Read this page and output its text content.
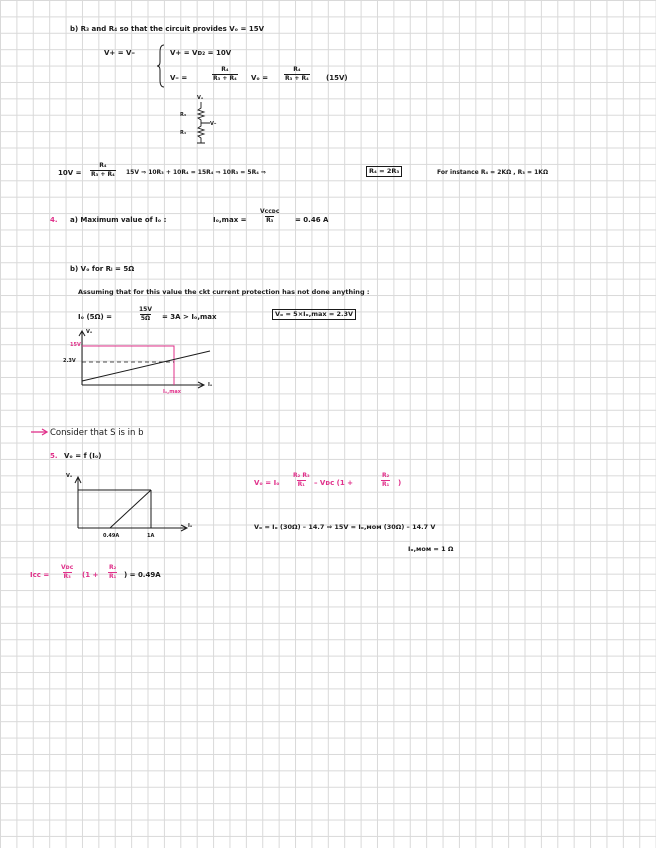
b) R₃ and R₄ so that the circuit provides Vₒ = 15V
V+ = V–	V+ = Vᴅ₂ = 10V
V– =	$\frac{\text{R₄}}{\text{R₃ + R₄}}$ Vₒ =	$\frac{\text{R₄}}{\text{R₃ + R₄}} (15V)$
Vₒ
R₃
R₄
V–
$10V = \frac{\text{R₄}}{\text{R₃ + R₄}} 15V$ ⇒ 10R₃ + 10R₄ = 15R₄ ⇒ 10R₃ = 5R₄ ⇒	R₄ = 2R₃	For instance R₄ = 2KΩ , R₃ = 1KΩ
4. a) Maximum value of Iₒ :	Iₒ,max =
Vᴄᴄᴅᴄ
R₃	= 0.46 A
b) Vₒ for Rₗ = 5Ω
Assuming that for this value the ckt current protection has not done anything :
Iₒ (5Ω) =	$\frac{15V}{5\Omega} = 3A > I_o,\max$	Vₒ = 5×Iₒ,max = 2.3V
Vₒ
15V
2.3V
Iₒ
Iₒ,max
Consider that S is in b
5. Vₒ = f (Iₒ)
Vₒ
Iₒ
0.49A	1A
Vₒ = Iₒ $\frac{\text{R₂ R₃}}{\text{R₁}}$ – Vᴅᴄ (1 +	$\frac{\text{R₂}}{\text{R₁}}$ )
Vₒ = Iₒ (30Ω) – 14.7 ⇒ 15V = Iₒ,ᴍᴏᴍ (30Ω) – 14.7 V
Iₒ,ᴍᴏᴍ = 1 Ω
Iᴄᴄ =
Vᴅᴄ
R₃ ($1 + \frac{\text{R₂}}{\text{R₁}}$ ) = 0.49A
